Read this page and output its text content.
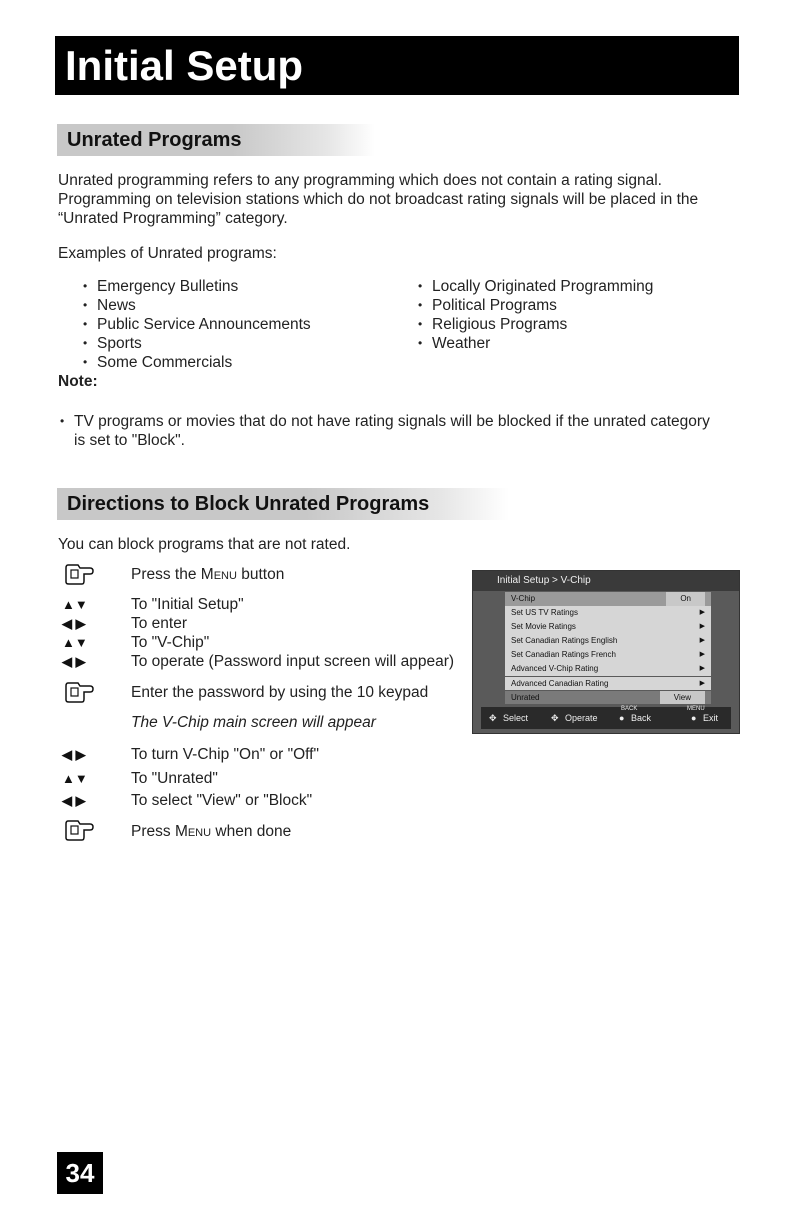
Initial Setup
Unrated Programs
Unrated programming refers to any programming which does not contain a rating signal.
Programming on television stations which do not broadcast rating signals will be placed in the
“Unrated Programming” category.
Examples of Unrated programs:
• Emergency Bulletins
• News
• Public Service Announcements
• Sports
• Some Commercials
• Locally Originated Programming
• Political Programs
• Religious Programs
• Weather
Note:
• TV programs or movies that do not have rating signals will be blocked if the unrated category
is set to "Block".
Directions to Block Unrated Programs
You can block programs that are not rated.
Press the Menu button
▲▼	To "Initial Setup"
◀ ▶	To enter
▲▼	To "V-Chip"
◀ ▶	To operate (Password input screen will appear)
Enter the password by using the 10 keypad
The V-Chip main screen will appear
◀ ▶	To turn V-Chip "On" or "Off"
▲▼	To "Unrated"
◀ ▶	To select "View" or "Block"
Press Menu when done
Initial Setup > V-Chip
V-Chip	On
Set US TV Ratings	▶
Set Movie Ratings	▶
Set Canadian Ratings English	▶
Set Canadian Ratings French	▶
Advanced V-Chip Rating	▶
Advanced Canadian Rating	▶
Unrated	View
✥ Select	✥ Operate
BACK
● Back
MENU
● Exit
34
